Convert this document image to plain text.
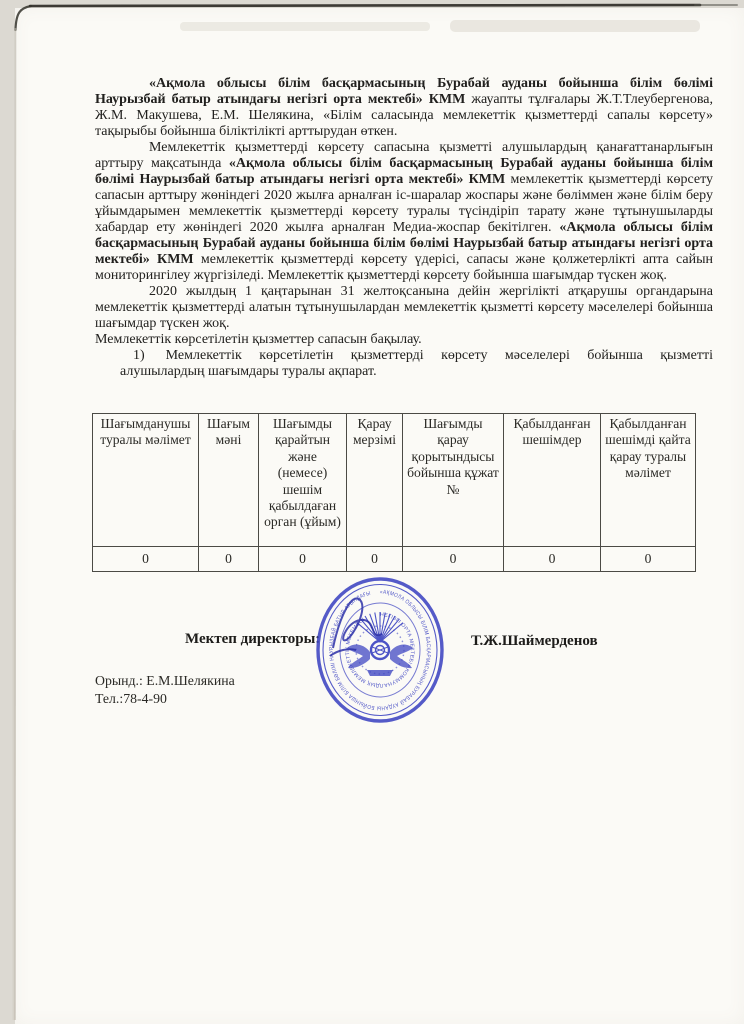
«Ақмола облысы білім басқармасының Бурабай ауданы бойынша білім бөлімі Наурызбай батыр атындағы негізгі орта мектебі» КММ жауапты тұлғалары Ж.Т.Тлеубергенова, Ж.М. Макушева, Е.М. Шелякина, «Білім саласында мемлекеттік қызметтерді сапалы көрсету» тақырыбы бойынша біліктілікті арттырудан өткен.

Мемлекеттік қызметтерді көрсету сапасына қызметті алушылардың қанағаттанарлығын арттыру мақсатында «Ақмола облысы білім басқармасының Бурабай ауданы бойынша білім бөлімі Наурызбай батыр атындағы негізгі орта мектебі» КММ мемлекеттік қызметтерді көрсету сапасын арттыру жөніндегі 2020 жылға арналған іс-шаралар жоспары және бөліммен және білім беру ұйымдарымен мемлекеттік қызметтерді көрсету туралы түсіндіріп тарату және тұтынушыларды хабардар ету жөніндегі 2020 жылға арналған Медиа-жоспар бекітілген. «Ақмола облысы білім басқармасының Бурабай ауданы бойынша білім бөлімі Наурызбай батыр атындағы негізгі орта мектебі» КММ мемлекеттік қызметтерді көрсету үдерісі, сапасы және қолжетерлікті апта сайын мониторингілеу жүргізіледі. Мемлекеттік қызметтерді көрсету бойынша шағымдар түскен жоқ.

2020 жылдың 1 қаңтарынан 31 желтоқсанына дейін жергілікті атқарушы органдарына мемлекеттік қызметтерді алатын тұтынушылардан мемлекеттік қызметті көрсету мәселелері бойынша шағымдар түскен жоқ.

Мемлекеттік көрсетілетін қызметтер сапасын бақылау.

1) Мемлекеттік көрсетілетін қызметтерді көрсету мәселелері бойынша қызметті алушылардың шағымдары туралы ақпарат.
Шағымданушы туралы мәлімет	Шағым мәні	Шағымды қарайтын және (немесе) шешім қабылдаған орган (ұйым)	Қарау мерзімі	Шағымды қарау қорытындысы бойынша құжат №	Қабылданған шешімдер	Қабылданған шешімді қайта қарау туралы мәлімет
0	0	0	0	0	0	0
Мектеп директоры:	Т.Ж.Шаймерденов
«АҚМОЛА ОБЛЫСЫ БІЛІМ БАСҚАРМАСЫНЫҢ БУРАБАЙ АУДАНЫ БОЙЫНША БІЛІМ БӨЛІМІ НАУРЫЗБАЙ БАТЫР АТЫНДАҒЫ
НЕГІЗГІ ОРТА МЕКТЕБІ» КОММУНАЛДЫҚ МЕМЛЕКЕТТІК МЕКЕМЕСІ
Орынд.: Е.М.Шелякина
Тел.:78-4-90
